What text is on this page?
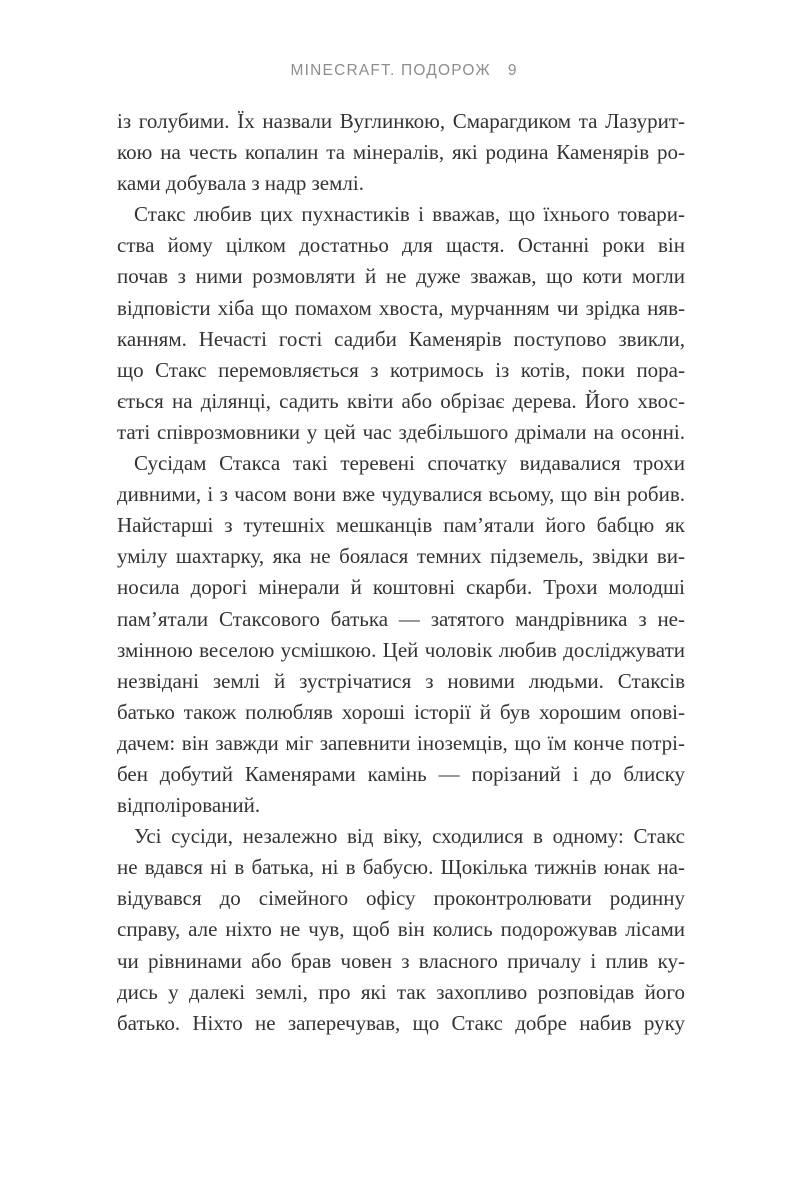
MINECRAFT. ПОДОРОЖ 9
із голубими. Їх назвали Вуглинкою, Смарагдиком та Лазурит-
кою на честь копалин та мінералів, які родина Каменярів ро-
ками добувала з надр землі.
Стакс любив цих пухнастиків і вважав, що їхнього товари-
ства йому цілком достатньо для щастя. Останні роки він
почав з ними розмовляти й не дуже зважав, що коти могли
відповісти хіба що помахом хвоста, мурчанням чи зрідка няв-
канням. Нечасті гості садиби Каменярів поступово звикли,
що Стакс перемовляється з котримось із котів, поки пора-
ється на ділянці, садить квіти або обрізає дерева. Його хвос-
таті співрозмовники у цей час здебільшого дрімали на осонні.
Сусідам Стакса такі теревені спочатку видавалися трохи
дивними, і з часом вони вже чудувалися всьому, що він робив.
Найстарші з тутешніх мешканців пам’ятали його бабцю як
умілу шахтарку, яка не боялася темних підземель, звідки ви-
носила дорогі мінерали й коштовні скарби. Трохи молодші
пам’ятали Стаксового батька — затятого мандрівника з не-
змінною веселою усмішкою. Цей чоловік любив досліджувати
незвідані землі й зустрічатися з новими людьми. Стаксів
батько також полюбляв хороші історії й був хорошим опові-
дачем: він завжди міг запевнити іноземців, що їм конче потрі-
бен добутий Каменярами камінь — порізаний і до блиску
відполірований.
Усі сусіди, незалежно від віку, сходилися в одному: Стакс
не вдався ні в батька, ні в бабусю. Щокілька тижнів юнак на-
відувався до сімейного офісу проконтролювати родинну
справу, але ніхто не чув, щоб він колись подорожував лісами
чи рівнинами або брав човен з власного причалу і плив ку-
дись у далекі землі, про які так захопливо розповідав його
батько. Ніхто не заперечував, що Стакс добре набив руку
